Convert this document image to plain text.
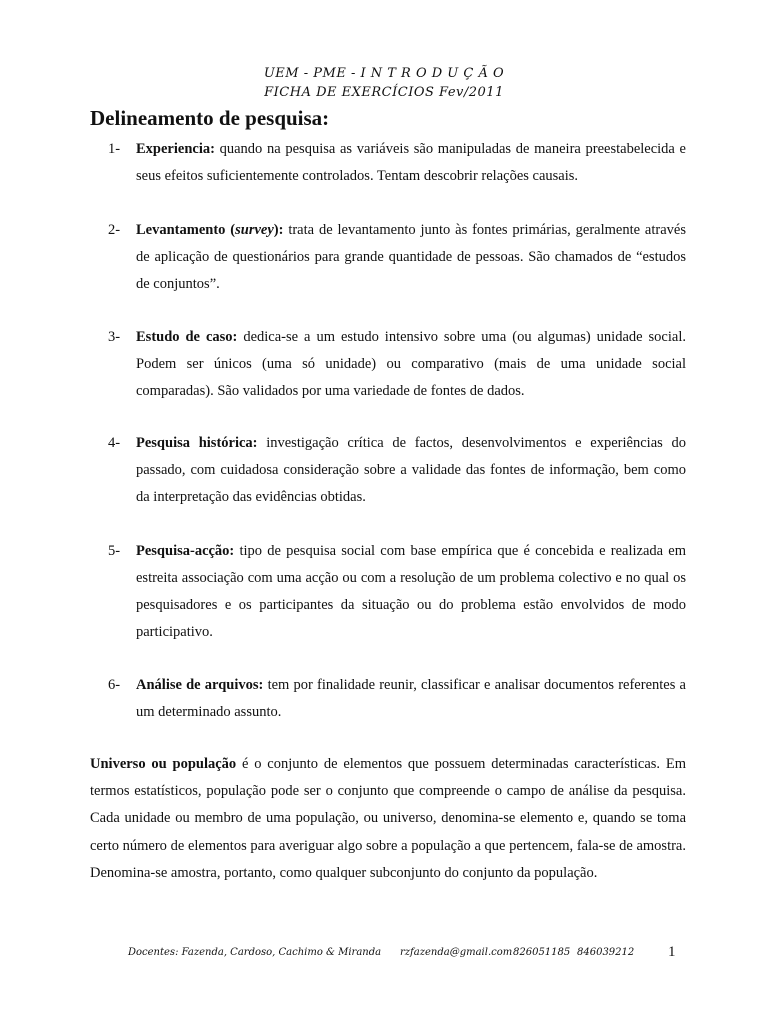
UEM - PME - I N T R O D U Ç Ã O
FICHA DE EXERCÍCIOS Fev/2011
Delineamento de pesquisa:
1-	Experiencia: quando na pesquisa as variáveis são manipuladas de maneira preestabelecida e seus efeitos suficientemente controlados. Tentam descobrir relações causais.
2-	Levantamento (survey): trata de levantamento junto às fontes primárias, geralmente através de aplicação de questionários para grande quantidade de pessoas. São chamados de “estudos de conjuntos”.
3-	Estudo de caso: dedica-se a um estudo intensivo sobre uma (ou algumas) unidade social. Podem ser únicos (uma só unidade) ou comparativo (mais de uma unidade social comparadas). São validados por uma variedade de fontes de dados.
4-	Pesquisa histórica: investigação crítica de factos, desenvolvimentos e experiências do passado, com cuidadosa consideração sobre a validade das fontes de informação, bem como da interpretação das evidências obtidas.
5-	Pesquisa-acção: tipo de pesquisa social com base empírica que é concebida e realizada em estreita associação com uma acção ou com a resolução de um problema colectivo e no qual os pesquisadores e os participantes da situação ou do problema estão envolvidos de modo participativo.
6-	Análise de arquivos: tem por finalidade reunir, classificar e analisar documentos referentes a um determinado assunto.
Universo ou população é o conjunto de elementos que possuem determinadas características. Em termos estatísticos, população pode ser o conjunto que compreende o campo de análise da pesquisa. Cada unidade ou membro de uma população, ou universo, denomina-se elemento e, quando se toma certo número de elementos para averiguar algo sobre a população a que pertencem, fala-se de amostra. Denomina-se amostra, portanto, como qualquer subconjunto do conjunto da população.
Docentes: Fazenda, Cardoso, Cachimo & Miranda rzfazenda@gmail.com 826051185 846039212 1
